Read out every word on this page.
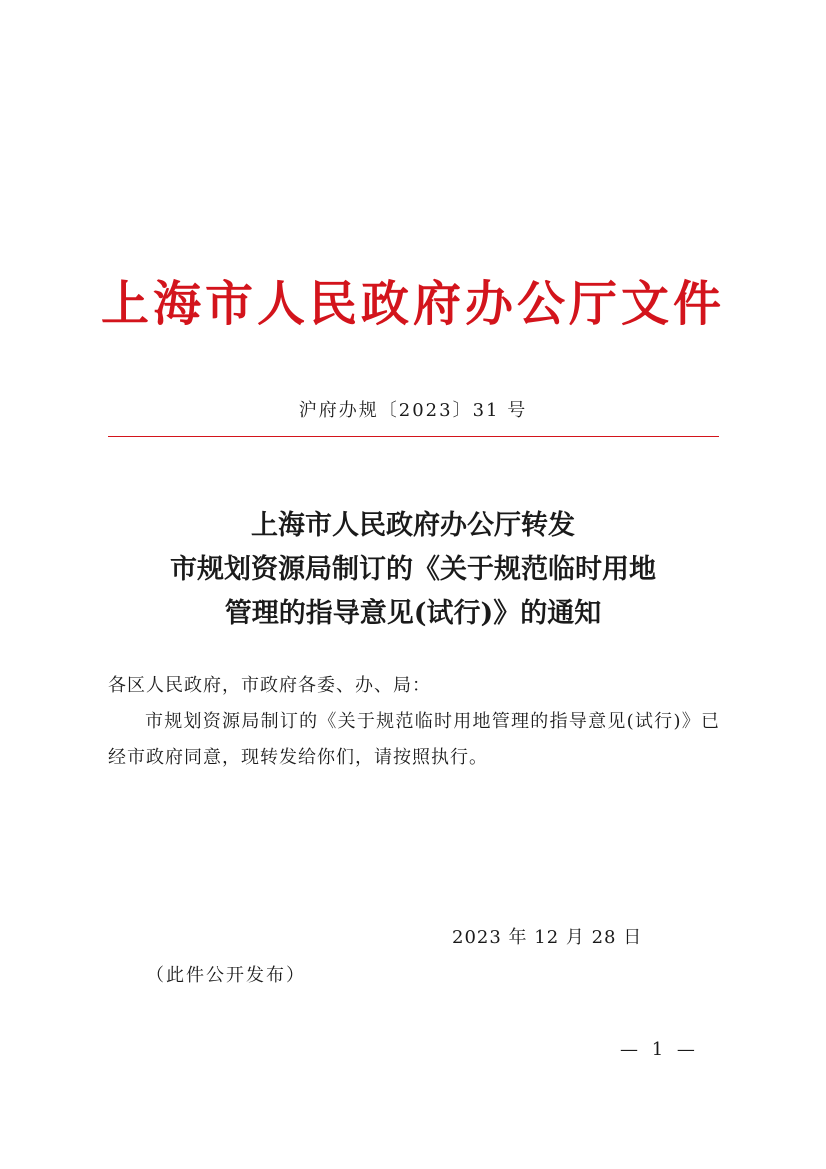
上海市人民政府办公厅文件
沪府办规〔2023〕31 号
上海市人民政府办公厅转发
市规划资源局制订的《关于规范临时用地
管理的指导意见(试行)》的通知
各区人民政府，市政府各委、办、局：
市规划资源局制订的《关于规范临时用地管理的指导意见(试行)》已经市政府同意，现转发给你们，请按照执行。
2023 年 12 月 28 日
（此件公开发布）
— 1 —
